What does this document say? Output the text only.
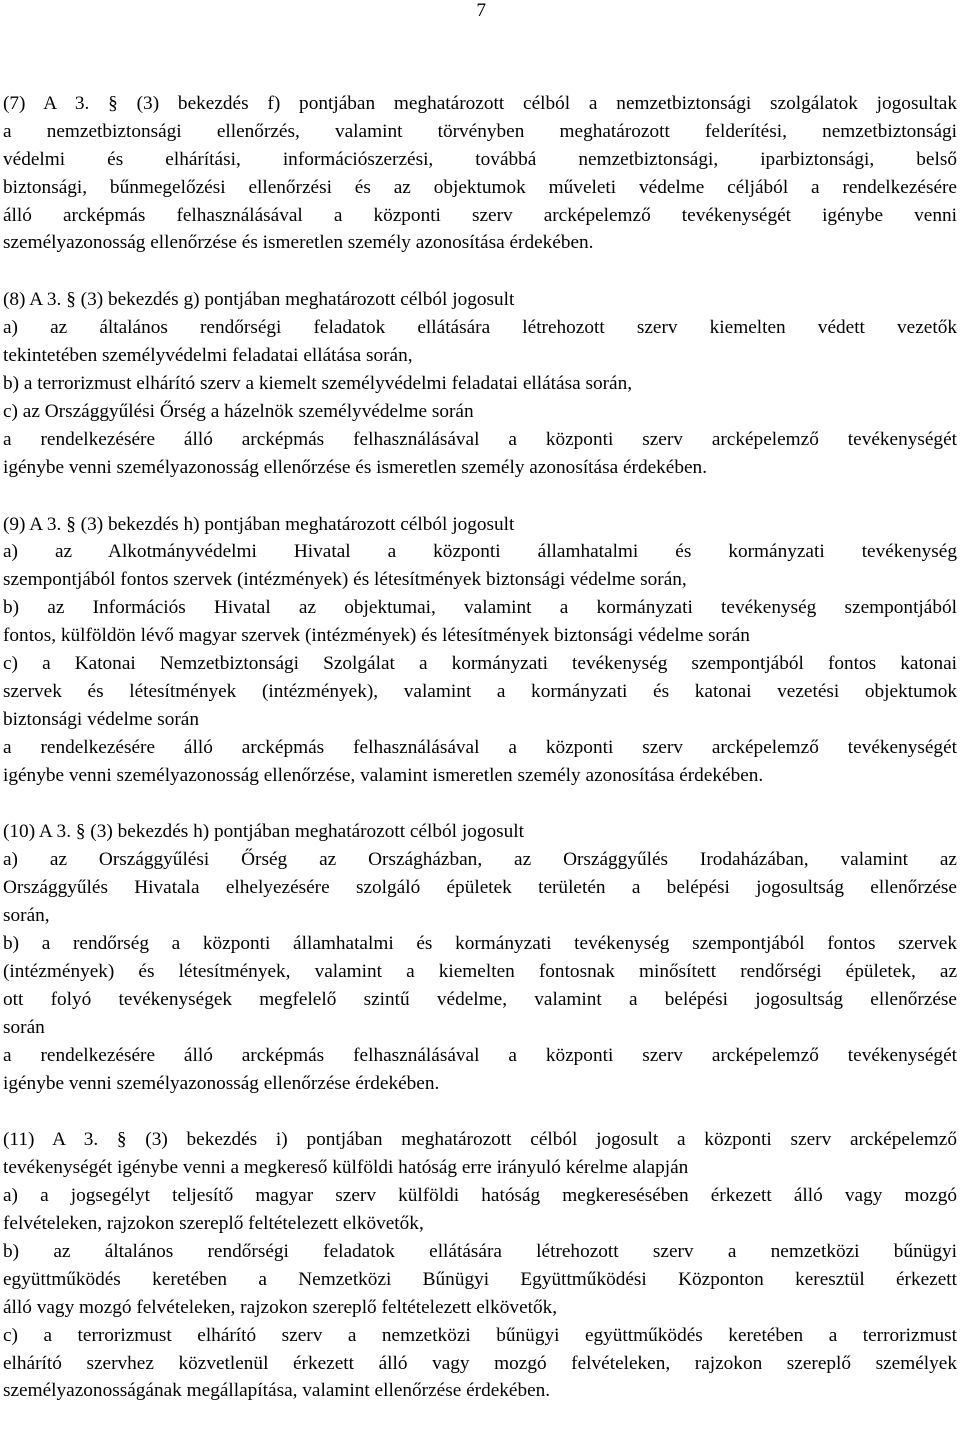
7
(7) A 3. § (3) bekezdés f) pontjában meghatározott célból a nemzetbiztonsági szolgálatok jogosultak
a nemzetbiztonsági ellenőrzés, valamint törvényben meghatározott felderítési, nemzetbiztonsági
védelmi és elhárítási, információszerzési, továbbá nemzetbiztonsági, iparbiztonsági, belső
biztonsági, bűnmegelőzési ellenőrzési és az objektumok műveleti védelme céljából a rendelkezésére
álló arcképmás felhasználásával a központi szerv arcképelemző tevékenységét igénybe venni
személyazonosság ellenőrzése és ismeretlen személy azonosítása érdekében.
(8) A 3. § (3) bekezdés g) pontjában meghatározott célból jogosult
a) az általános rendőrségi feladatok ellátására létrehozott szerv kiemelten védett vezetők
tekintetében személyvédelmi feladatai ellátása során,
b) a terrorizmust elhárító szerv a kiemelt személyvédelmi feladatai ellátása során,
c) az Országgyűlési Őrség a házelnök személyvédelme során
a rendelkezésére álló arcképmás felhasználásával a központi szerv arcképelemző tevékenységét
igénybe venni személyazonosság ellenőrzése és ismeretlen személy azonosítása érdekében.
(9) A 3. § (3) bekezdés h) pontjában meghatározott célból jogosult
a) az Alkotmányvédelmi Hivatal a központi államhatalmi és kormányzati tevékenység
szempontjából fontos szervek (intézmények) és létesítmények biztonsági védelme során,
b) az Információs Hivatal az objektumai, valamint a kormányzati tevékenység szempontjából
fontos, külföldön lévő magyar szervek (intézmények) és létesítmények biztonsági védelme során
c) a Katonai Nemzetbiztonsági Szolgálat a kormányzati tevékenység szempontjából fontos katonai
szervek és létesítmények (intézmények), valamint a kormányzati és katonai vezetési objektumok
biztonsági védelme során
a rendelkezésére álló arcképmás felhasználásával a központi szerv arcképelemző tevékenységét
igénybe venni személyazonosság ellenőrzése, valamint ismeretlen személy azonosítása érdekében.
(10) A 3. § (3) bekezdés h) pontjában meghatározott célból jogosult
a) az Országgyűlési Őrség az Országházban, az Országgyűlés Irodaházában, valamint az
Országgyűlés Hivatala elhelyezésére szolgáló épületek területén a belépési jogosultság ellenőrzése
során,
b) a rendőrség a központi államhatalmi és kormányzati tevékenység szempontjából fontos szervek
(intézmények) és létesítmények, valamint a kiemelten fontosnak minősített rendőrségi épületek, az
ott folyó tevékenységek megfelelő szintű védelme, valamint a belépési jogosultság ellenőrzése
során
a rendelkezésére álló arcképmás felhasználásával a központi szerv arcképelemző tevékenységét
igénybe venni személyazonosság ellenőrzése érdekében.
(11) A 3. § (3) bekezdés i) pontjában meghatározott célból jogosult a központi szerv arcképelemző
tevékenységét igénybe venni a megkereső külföldi hatóság erre irányuló kérelme alapján
a) a jogsegélyt teljesítő magyar szerv külföldi hatóság megkeresésében érkezett álló vagy mozgó
felvételeken, rajzokon szereplő feltételezett elkövetők,
b) az általános rendőrségi feladatok ellátására létrehozott szerv a nemzetközi bűnügyi
együttműködés keretében a Nemzetközi Bűnügyi Együttműködési Központon keresztül érkezett
álló vagy mozgó felvételeken, rajzokon szereplő feltételezett elkövetők,
c) a terrorizmust elhárító szerv a nemzetközi bűnügyi együttműködés keretében a terrorizmust
elhárító szervhez közvetlenül érkezett álló vagy mozgó felvételeken, rajzokon szereplő személyek
személyazonosságának megállapítása, valamint ellenőrzése érdekében.
